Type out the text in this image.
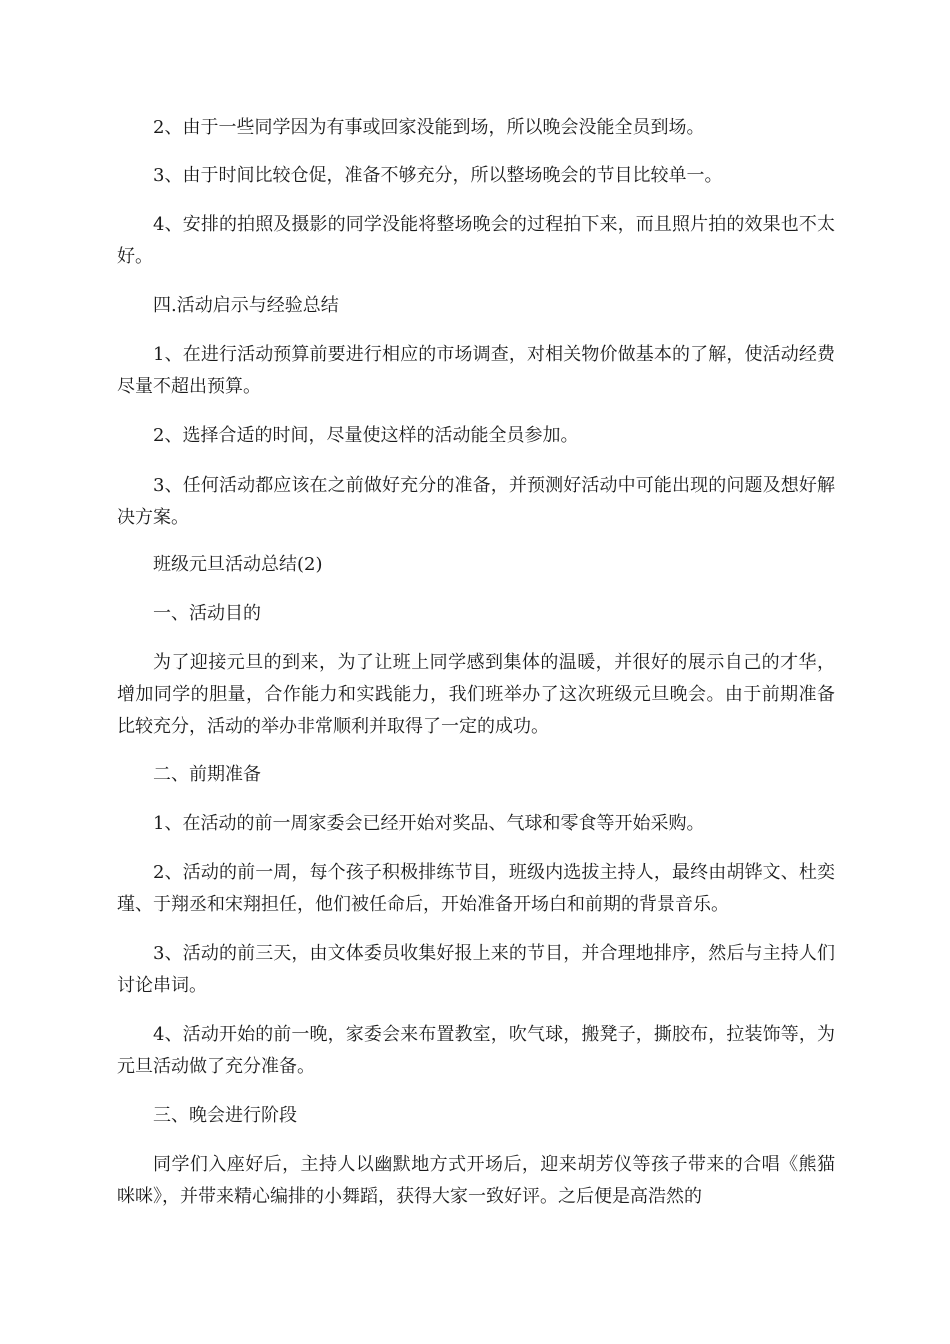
2、由于一些同学因为有事或回家没能到场，所以晚会没能全员到场。

3、由于时间比较仓促，准备不够充分，所以整场晚会的节目比较单一。

4、安排的拍照及摄影的同学没能将整场晚会的过程拍下来，而且照片拍的效果也不太好。

四.活动启示与经验总结

1、在进行活动预算前要进行相应的市场调查，对相关物价做基本的了解，使活动经费尽量不超出预算。

2、选择合适的时间，尽量使这样的活动能全员参加。

3、任何活动都应该在之前做好充分的准备，并预测好活动中可能出现的问题及想好解决方案。

班级元旦活动总结(2)

一、活动目的

为了迎接元旦的到来，为了让班上同学感到集体的温暖，并很好的展示自己的才华，增加同学的胆量，合作能力和实践能力，我们班举办了这次班级元旦晚会。由于前期准备比较充分，活动的举办非常顺利并取得了一定的成功。

二、前期准备

1、在活动的前一周家委会已经开始对奖品、气球和零食等开始采购。

2、活动的前一周，每个孩子积极排练节目，班级内选拔主持人，最终由胡铧文、杜奕瑾、于翔丞和宋翔担任，他们被任命后，开始准备开场白和前期的背景音乐。

3、活动的前三天，由文体委员收集好报上来的节目，并合理地排序，然后与主持人们讨论串词。

4、活动开始的前一晚，家委会来布置教室，吹气球，搬凳子，撕胶布，拉装饰等，为元旦活动做了充分准备。

三、晚会进行阶段

同学们入座好后，主持人以幽默地方式开场后，迎来胡芳仪等孩子带来的合唱《熊猫咪咪》，并带来精心编排的小舞蹈，获得大家一致好评。之后便是高浩然的
